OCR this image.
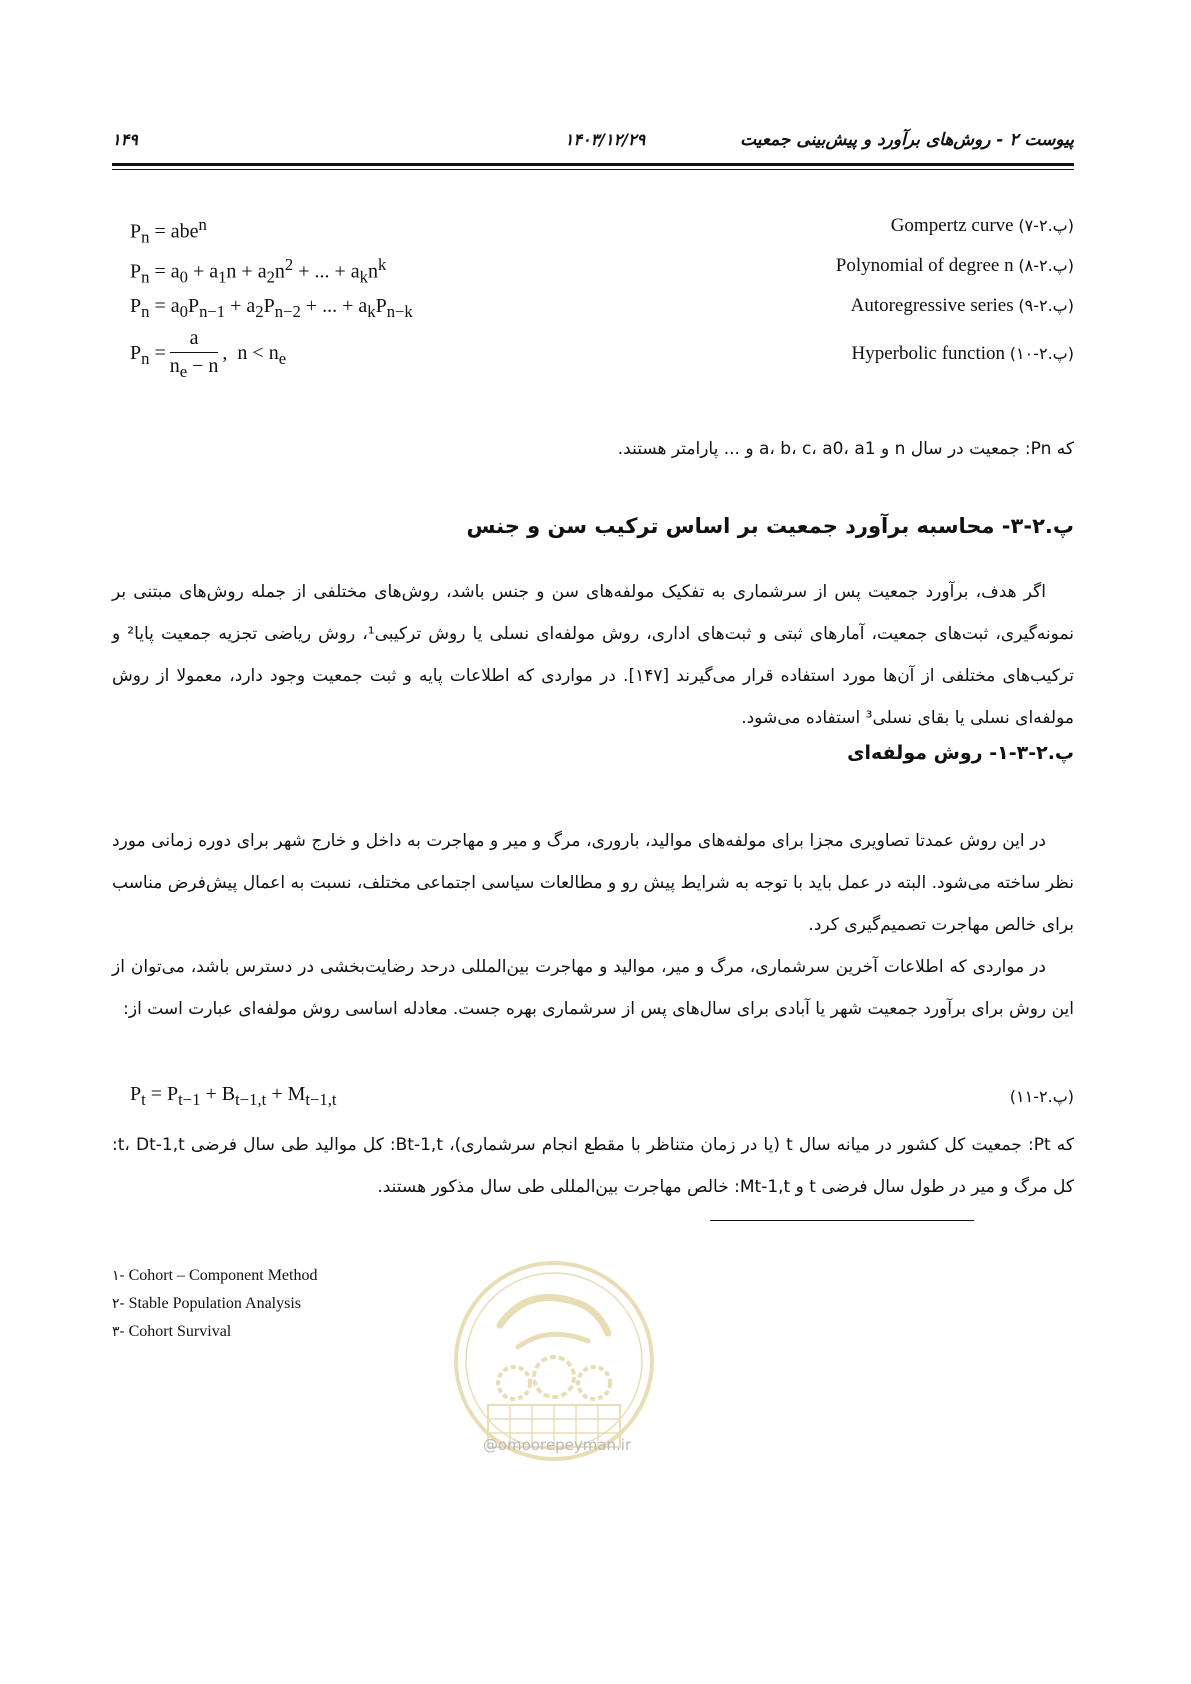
۱۴۹	۱۴۰۳/۱۲/۲۹	پیوست ۲ - روش‌های برآورد و پیش‌بینی جمعیت
$P_n = abe^n$	Gompertz curve (پ.۲-۷)
$P_n = a_0 + a_1n + a_2n^2$ + ... + $a_kn^k$	Polynomial of degree n (پ.۲-۸)
$P_n = a_0P_{n-1} + a_2P_{n-2}$ + ... + $a_kP_{n-k}$	Autoregressive series (پ.۲-۹)
$P_n = \frac{a}{n_e - n}$ ,  $n < n_e$	Hyperbolic function (پ.۲-۱۰)
که Pn: جمعیت در سال n و a، b، c، a0، a1 و ... پارامتر هستند.
پ.۲-۳- محاسبه برآورد جمعیت بر اساس ترکیب سن و جنس
اگر هدف، برآورد جمعیت پس از سرشماری به تفکیک مولفه‌های سن و جنس باشد، روش‌های مختلفی از جمله روش‌های مبتنی بر نمونه‌گیری، ثبت‌های جمعیت، آمارهای ثبتی و ثبت‌های اداری، روش مولفه‌ای نسلی یا روش ترکیبی¹، روش ریاضی تجزیه جمعیت پایا² و ترکیب‌های مختلفی از آن‌ها مورد استفاده قرار می‌گیرند [۱۴۷]. در مواردی که اطلاعات پایه و ثبت جمعیت وجود دارد، معمولا از روش مولفه‌ای نسلی یا بقای نسلی³ استفاده می‌شود.
پ.۲-۳-۱- روش مولفه‌ای
در این روش عمدتا تصاویری مجزا برای مولفه‌های موالید، باروری، مرگ و میر و مهاجرت به داخل و خارج شهر برای دوره زمانی مورد نظر ساخته می‌شود. البته در عمل باید با توجه به شرایط پیش رو و مطالعات سیاسی اجتماعی مختلف، نسبت به اعمال پیش‌فرض مناسب برای خالص مهاجرت تصمیم‌گیری کرد.
در مواردی که اطلاعات آخرین سرشماری، مرگ و میر، موالید و مهاجرت بین‌المللی درحد رضایت‌بخشی در دسترس باشد، می‌توان از این روش برای برآورد جمعیت شهر یا آبادی برای سال‌های پس از سرشماری بهره جست. معادله اساسی روش مولفه‌ای عبارت است از:
$P_t = P_{t-1} + B_{t-1,t} + M_{t-1,t}$	(پ.۲-۱۱)
که Pt: جمعیت کل کشور در میانه سال t (یا در زمان متناظر با مقطع انجام سرشماری)، Bt-1,t: کل موالید طی سال فرضی t، Dt-1,t: کل مرگ و میر در طول سال فرضی t و Mt-1,t: خالص مهاجرت بین‌المللی طی سال مذکور هستند.
۱- Cohort – Component Method
۲- Stable Population Analysis
۳- Cohort Survival
@omoorepeyman.ir
